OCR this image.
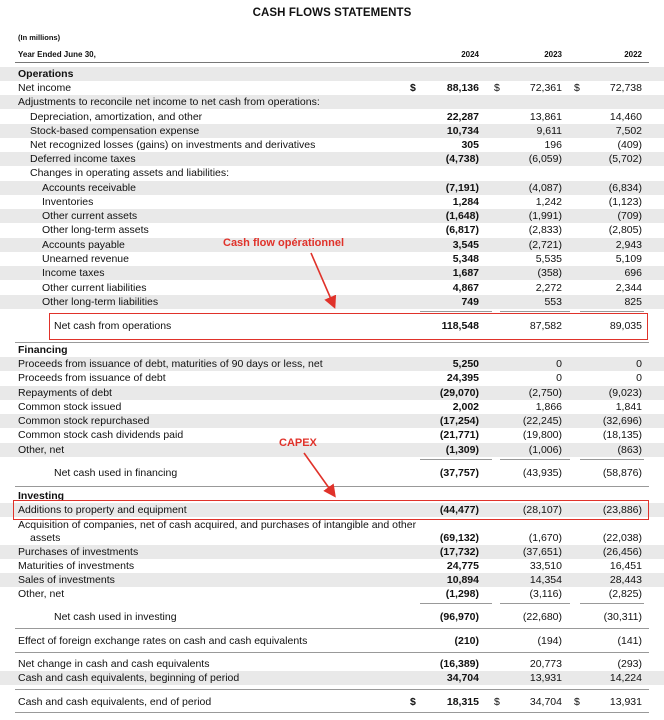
CASH FLOWS STATEMENTS
(In millions)
Year Ended June 30,	2024	2023	2022
Operations
Net income	$	88,136 $	72,361 $	72,738
Adjustments to reconcile net income to net cash from operations:
Depreciation, amortization, and other	22,287	13,861	14,460
Stock-based compensation expense	10,734	9,611	7,502
Net recognized losses (gains) on investments and derivatives	305	196	(409)
Deferred income taxes	(4,738)	(6,059)	(5,702)
Changes in operating assets and liabilities:
Accounts receivable	(7,191)	(4,087)	(6,834)
Inventories	1,284	1,242	(1,123)
Other current assets	(1,648)	(1,991)	(709)
Other long-term assets	(6,817)	(2,833)	(2,805)
Accounts payable	3,545	(2,721)	2,943
Unearned revenue	5,348	5,535	5,109
Income taxes	1,687	(358)	696
Other current liabilities	4,867	2,272	2,344
Other long-term liabilities	749	553	825
Net cash from operations	118,548	87,582	89,035
Financing
Proceeds from issuance of debt, maturities of 90 days or less, net	5,250	0	0
Proceeds from issuance of debt	24,395	0	0
Repayments of debt	(29,070)	(2,750)	(9,023)
Common stock issued	2,002	1,866	1,841
Common stock repurchased	(17,254)	(22,245)	(32,696)
Common stock cash dividends paid	(21,771)	(19,800)	(18,135)
Other, net	(1,309)	(1,006)	(863)
Net cash used in financing	(37,757)	(43,935)	(58,876)
Investing
Additions to property and equipment	(44,477)	(28,107)	(23,886)
Acquisition of companies, net of cash acquired, and purchases of intangible and other
assets	(69,132)	(1,670)	(22,038)
Purchases of investments	(17,732)	(37,651)	(26,456)
Maturities of investments	24,775	33,510	16,451
Sales of investments	10,894	14,354	28,443
Other, net	(1,298)	(3,116)	(2,825)
Net cash used in investing	(96,970)	(22,680)	(30,311)
Effect of foreign exchange rates on cash and cash equivalents	(210)	(194)	(141)
Net change in cash and cash equivalents	(16,389)	20,773	(293)
Cash and cash equivalents, beginning of period	34,704	13,931	14,224
Cash and cash equivalents, end of period	$	18,315 $	34,704 $	13,931
Cash flow opérationnel
CAPEX
